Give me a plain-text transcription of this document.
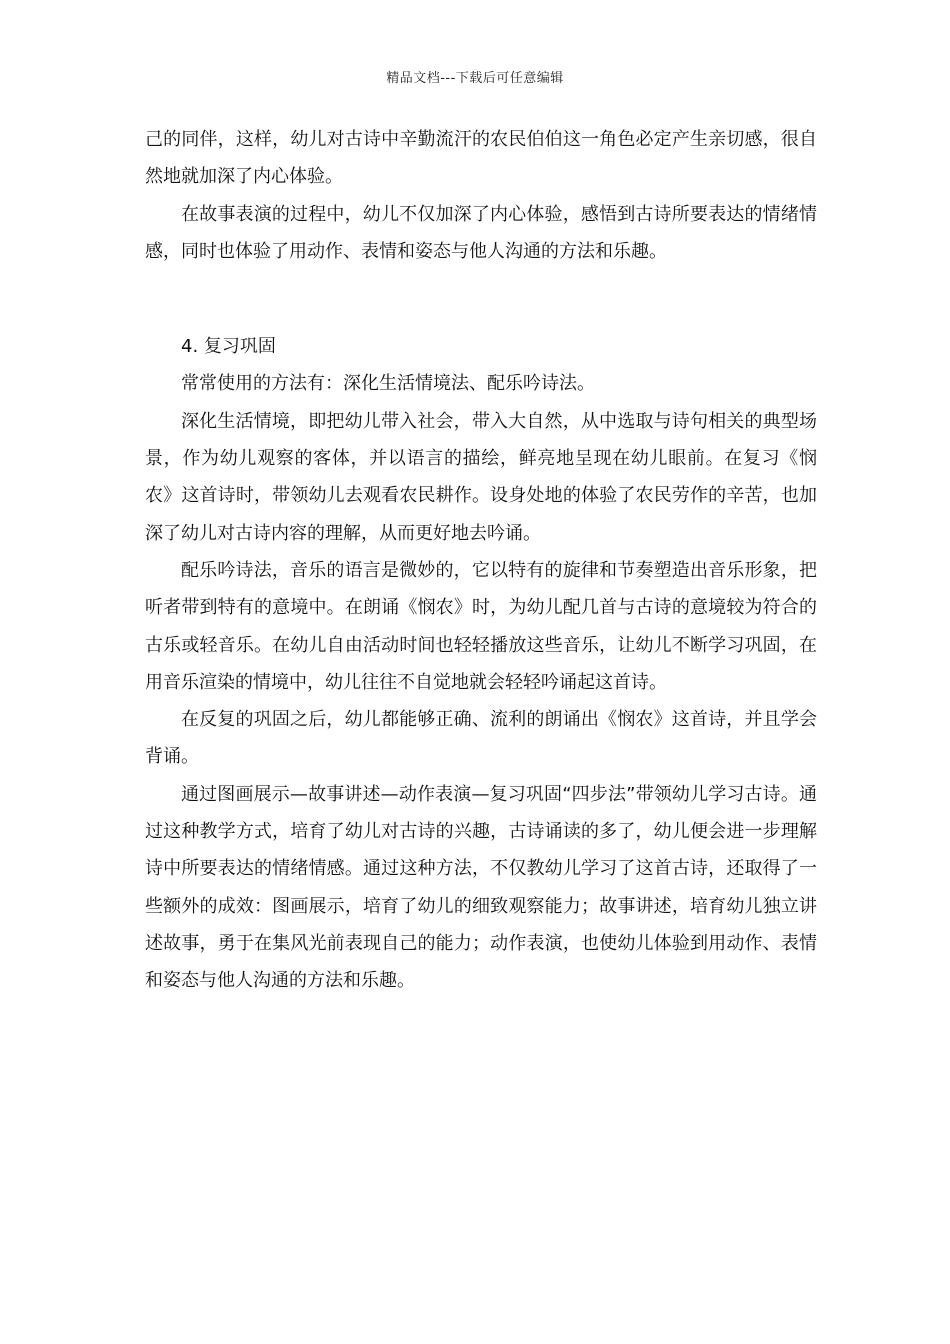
精品文档---下载后可任意编辑

己的同伴，这样，幼儿对古诗中辛勤流汗的农民伯伯这一角色必定产生亲切感，很自然地就加深了内心体验。

在故事表演的过程中，幼儿不仅加深了内心体验，感悟到古诗所要表达的情绪情感，同时也体验了用动作、表情和姿态与他人沟通的方法和乐趣。

4. 复习巩固

常常使用的方法有：深化生活情境法、配乐吟诗法。

深化生活情境，即把幼儿带入社会，带入大自然，从中选取与诗句相关的典型场景，作为幼儿观察的客体，并以语言的描绘，鲜亮地呈现在幼儿眼前。在复习《悯农》这首诗时，带领幼儿去观看农民耕作。设身处地的体验了农民劳作的辛苦，也加深了幼儿对古诗内容的理解，从而更好地去吟诵。

配乐吟诗法，音乐的语言是微妙的，它以特有的旋律和节奏塑造出音乐形象，把听者带到特有的意境中。在朗诵《悯农》时，为幼儿配几首与古诗的意境较为符合的古乐或轻音乐。在幼儿自由活动时间也轻轻播放这些音乐，让幼儿不断学习巩固，在用音乐渲染的情境中，幼儿往往不自觉地就会轻轻吟诵起这首诗。

在反复的巩固之后，幼儿都能够正确、流利的朗诵出《悯农》这首诗，并且学会背诵。

通过图画展示—故事讲述—动作表演—复习巩固“四步法”带领幼儿学习古诗。通过这种教学方式，培育了幼儿对古诗的兴趣，古诗诵读的多了，幼儿便会进一步理解诗中所要表达的情绪情感。通过这种方法，不仅教幼儿学习了这首古诗，还取得了一些额外的成效：图画展示，培育了幼儿的细致观察能力；故事讲述，培育幼儿独立讲述故事，勇于在集风光前表现自己的能力；动作表演，也使幼儿体验到用动作、表情和姿态与他人沟通的方法和乐趣。
